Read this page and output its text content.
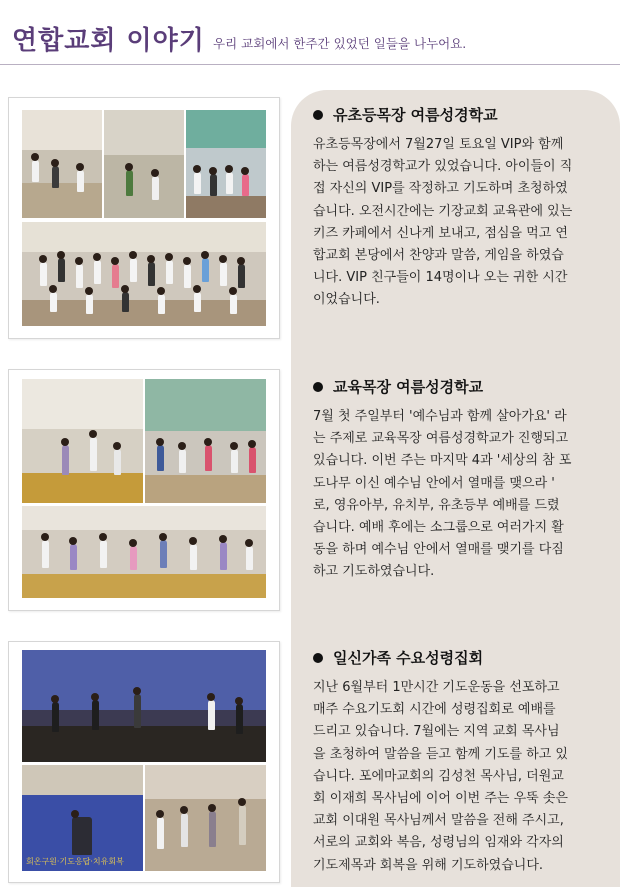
연합교회 이야기 우리 교회에서 한주간 있었던 일들을 나누어요.
회온구원·기도응답·치유회복
유초등목장 여름성경학교
유초등목장에서 7월27일 토요일 VIP와 함께
하는 여름성경학교가 있었습니다. 아이들이 직
접 자신의 VIP를 작정하고 기도하며 초청하였
습니다. 오전시간에는 기장교회 교육관에 있는
키즈 카페에서 신나게 보내고, 점심을 먹고 연
합교회 본당에서 찬양과 말씀, 게임을 하였습
니다. VIP 친구들이 14명이나 오는 귀한 시간
이었습니다.
교육목장 여름성경학교
7월 첫 주일부터 '예수님과 함께 살아가요' 라
는 주제로 교육목장 여름성경학교가 진행되고
있습니다. 이번 주는 마지막 4과 '세상의 참 포
도나무 이신 예수님 안에서 열매를 맺으라 '
로, 영유아부, 유치부, 유초등부 예배를 드렸
습니다. 예배 후에는 소그룹으로 여러가지 활
동을 하며 예수님 안에서 열매를 맺기를 다짐
하고 기도하였습니다.
일신가족 수요성령집회
지난 6월부터 1만시간 기도운동을 선포하고
매주 수요기도회 시간에 성령집회로 예배를
드리고 있습니다. 7월에는 지역 교회 목사님
을 초청하여 말씀을 듣고 함께 기도를 하고 있
습니다. 포에마교회의 김성천 목사님, 더원교
회 이재희 목사님에 이어 이번 주는 우뚝 솟은
교회 이대원 목사님께서 말씀을 전해 주시고,
서로의 교회와 복음, 성령님의 임재와 각자의
기도제목과 회복을 위해 기도하였습니다.
